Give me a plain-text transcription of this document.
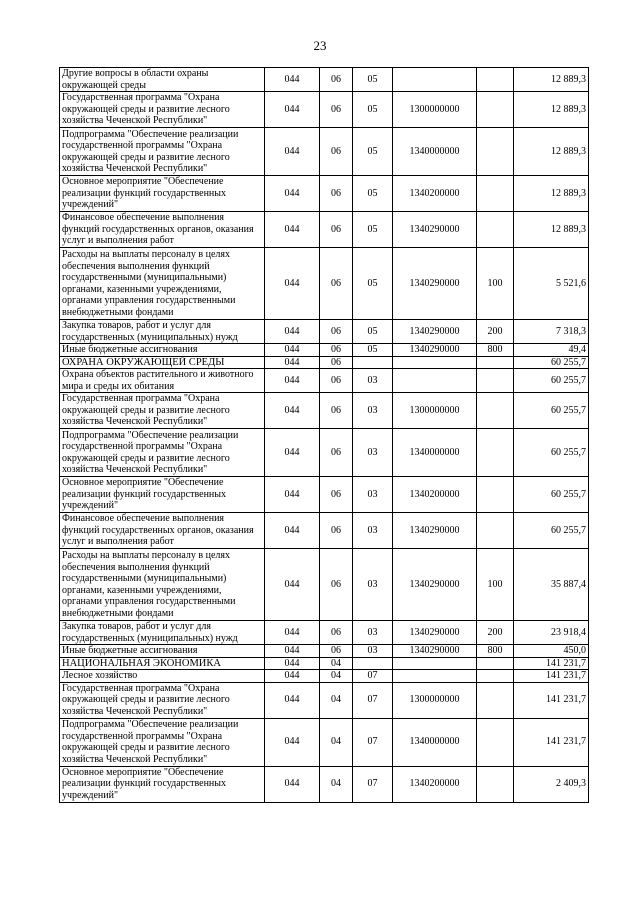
23
Другие вопросы в области охраны окружающей среды	044	06	05			12 889,3
Государственная программа "Охрана окружающей среды и развитие лесного хозяйства Чеченской Республики"	044	06	05	1300000000		12 889,3
Подпрограмма "Обеспечение реализации государственной программы "Охрана окружающей среды и развитие лесного хозяйства Чеченской Республики"	044	06	05	1340000000		12 889,3
Основное мероприятие "Обеспечение реализации функций государственных учреждений"	044	06	05	1340200000		12 889,3
Финансовое обеспечение выполнения функций государственных органов, оказания услуг и выполнения работ	044	06	05	1340290000		12 889,3
Расходы на выплаты персоналу в целях обеспечения выполнения функций государственными (муниципальными) органами, казенными учреждениями, органами управления государственными внебюджетными фондами	044	06	05	1340290000	100	5 521,6
Закупка товаров, работ и услуг для государственных (муниципальных) нужд	044	06	05	1340290000	200	7 318,3
Иные бюджетные ассигнования	044	06	05	1340290000	800	49,4
ОХРАНА ОКРУЖАЮЩЕЙ СРЕДЫ	044	06				60 255,7
Охрана объектов растительного и животного мира и среды их обитания	044	06	03			60 255,7
Государственная программа "Охрана окружающей среды и развитие лесного хозяйства Чеченской Республики"	044	06	03	1300000000		60 255,7
Подпрограмма "Обеспечение реализации государственной программы "Охрана окружающей среды и развитие лесного хозяйства Чеченской Республики"	044	06	03	1340000000		60 255,7
Основное мероприятие "Обеспечение реализации функций государственных учреждений"	044	06	03	1340200000		60 255,7
Финансовое обеспечение выполнения функций государственных органов, оказания услуг и выполнения работ	044	06	03	1340290000		60 255,7
Расходы на выплаты персоналу в целях обеспечения выполнения функций государственными (муниципальными) органами, казенными учреждениями, органами управления государственными внебюджетными фондами	044	06	03	1340290000	100	35 887,4
Закупка товаров, работ и услуг для государственных (муниципальных) нужд	044	06	03	1340290000	200	23 918,4
Иные бюджетные ассигнования	044	06	03	1340290000	800	450,0
НАЦИОНАЛЬНАЯ ЭКОНОМИКА	044	04				141 231,7
Лесное хозяйство	044	04	07			141 231,7
Государственная программа "Охрана окружающей среды и развитие лесного хозяйства Чеченской Республики"	044	04	07	1300000000		141 231,7
Подпрограмма "Обеспечение реализации государственной программы "Охрана окружающей среды и развитие лесного хозяйства Чеченской Республики"	044	04	07	1340000000		141 231,7
Основное мероприятие "Обеспечение реализации функций государственных учреждений"	044	04	07	1340200000		2 409,3
